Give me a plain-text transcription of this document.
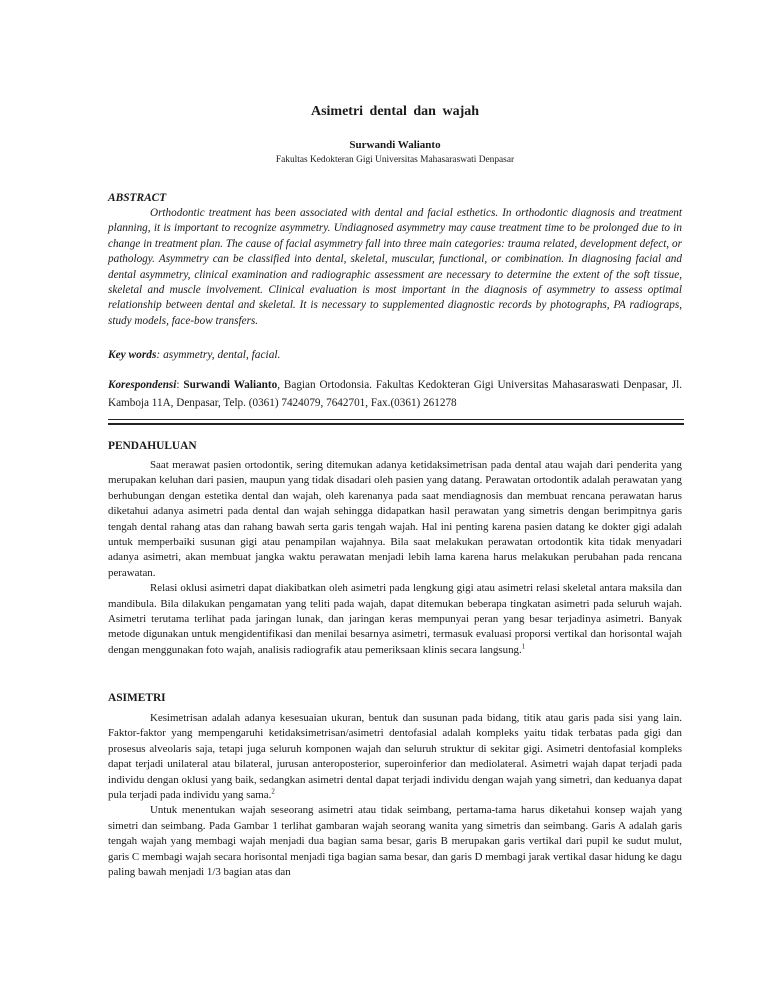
Asimetri dental dan wajah
Surwandi Walianto
Fakultas Kedokteran Gigi Universitas Mahasaraswati Denpasar
ABSTRACT
Orthodontic treatment has been associated with dental and facial esthetics. In orthodontic diagnosis and treatment planning, it is important to recognize asymmetry. Undiagnosed asymmetry may cause treatment time to be prolonged due to in change in treatment plan. The cause of facial asymmetry fall into three main categories: trauma related, development defect, or pathology. Asymmetry can be classified into dental, skeletal, muscular, functional, or combination. In diagnosing facial and dental asymmetry, clinical examination and radiographic assessment are necessary to determine the extent of the soft tissue, skeletal and muscle involvement. Clinical evaluation is most important in the diagnosis of asymmetry to assess optimal relationship between dental and skeletal. It is necessary to supplemented diagnostic records by photographs, PA radiograps, study models, face-bow transfers.
Key words: asymmetry, dental, facial.
Korespondensi: Surwandi Walianto, Bagian Ortodonsia. Fakultas Kedokteran Gigi Universitas Mahasaraswati Denpasar, Jl. Kamboja 11A, Denpasar, Telp. (0361) 7424079, 7642701, Fax.(0361) 261278
PENDAHULUAN

Saat merawat pasien ortodontik, sering ditemukan adanya ketidaksimetrisan pada dental atau wajah dari penderita yang merupakan keluhan dari pasien, maupun yang tidak disadari oleh pasien yang datang. Perawatan ortodontik adalah perawatan yang berhubungan dengan estetika dental dan wajah, oleh karenanya pada saat mendiagnosis dan membuat rencana perawatan harus diketahui adanya asimetri pada dental dan wajah sehingga didapatkan hasil perawatan yang simetris dengan berimpitnya garis tengah dental rahang atas dan rahang bawah serta garis tengah wajah. Hal ini penting karena pasien datang ke dokter gigi adalah untuk memperbaiki susunan gigi atau penampilan wajahnya. Bila saat melakukan perawatan ortodontik kita tidak menyadari adanya asimetri, akan membuat jangka waktu perawatan menjadi lebih lama karena harus melakukan perubahan pada rencana perawatan.

Relasi oklusi asimetri dapat diakibatkan oleh asimetri pada lengkung gigi atau asimetri relasi skeletal antara maksila dan mandibula. Bila dilakukan pengamatan yang teliti pada wajah, dapat ditemukan beberapa tingkatan asimetri pada seluruh wajah. Asimetri terutama terlihat pada jaringan lunak, dan jaringan keras mempunyai peran yang besar terjadinya asimetri. Banyak metode digunakan untuk mengidentifikasi dan menilai besarnya asimetri, termasuk evaluasi proporsi vertikal dan horisontal wajah dengan menggunakan foto wajah, analisis radiografik atau pemeriksaan klinis secara langsung.$^1$

ASIMETRI

Kesimetrisan adalah adanya kesesuaian ukuran, bentuk dan susunan pada bidang, titik atau garis pada sisi yang lain. Faktor-faktor yang mempengaruhi ketidaksimetrisan/asimetri dentofasial adalah kompleks yaitu tidak terbatas pada gigi dan prosesus alveolaris saja, tetapi juga seluruh komponen wajah dan seluruh struktur di sekitar gigi. Asimetri dentofasial kompleks dapat terjadi unilateral atau bilateral, jurusan anteroposterior, superoinferior dan mediolateral. Asimetri wajah dapat terjadi pada individu dengan oklusi yang baik, sedangkan asimetri dental dapat terjadi individu dengan wajah yang simetri, dan keduanya dapat pula terjadi pada individu yang sama.$^2$

Untuk menentukan wajah seseorang asimetri atau tidak seimbang, pertama-tama harus diketahui konsep wajah yang simetri dan seimbang. Pada Gambar 1 terlihat gambaran wajah seorang wanita yang simetris dan seimbang. Garis A adalah garis tengah wajah yang membagi wajah menjadi dua bagian sama besar, garis B merupakan garis vertikal dari pupil ke sudut mulut, garis C membagi wajah secara horisontal menjadi tiga bagian sama besar, dan garis D membagi jarak vertikal dasar hidung ke dagu paling bawah menjadi 1/3 bagian atas dan
